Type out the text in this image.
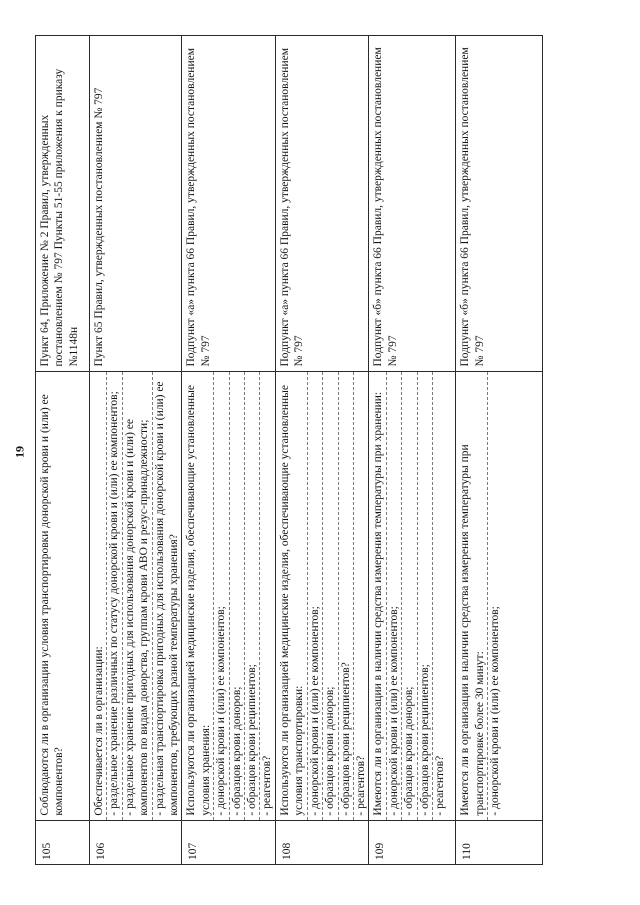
19
105	Соблюдаются ли в организации условия транспортировки донорской крови и (или) ее компонентов?	Пункт 64, Приложение № 2 Правил, утвержденных постановлением № 797 Пункты 51-55 приложения к приказу №1148н
106	Обеспечивается ли в организации: - раздельное хранение различных по статусу донорской крови и (или) ее компонентов; - раздельное хранение пригодных для использования донорской крови и (или) ее компонентов по видам донорства, группам крови АВО и резус-принадлежности; - раздельная транспортировка пригодных для использования донорской крови и (или) ее компонентов, требующих разной температуры хранения?	Пункт 65 Правил, утвержденных постановлением № 797
107	Используются ли организацией медицинские изделия, обеспечивающие установленные условия хранения: - донорской крови и (или) ее компонентов; - образцов крови доноров; - образцов крови реципиентов; - реагентов?	Подпункт «а» пункта 66 Правил, утвержденных постановлением № 797
108	Используются ли организацией медицинские изделия, обеспечивающие установленные условия транспортировки: - донорской крови и (или) ее компонентов; - образцов крови доноров; - образцов крови реципиентов? - реагентов?	Подпункт «а» пункта 66 Правил, утвержденных постановлением № 797
109	Имеются ли в организации в наличии средства измерения температуры при хранении: - донорской крови и (или) ее компонентов; - образцов крови доноров; - образцов крови реципиентов; - реагентов?	Подпункт «б» пункта 66 Правил, утвержденных постановлением № 797
110	Имеются ли в организации в наличии средства измерения температуры при транспортировке более 30 минут: - донорской крови и (или) ее компонентов;	Подпункт «б» пункта 66 Правил, утвержденных постановлением № 797
